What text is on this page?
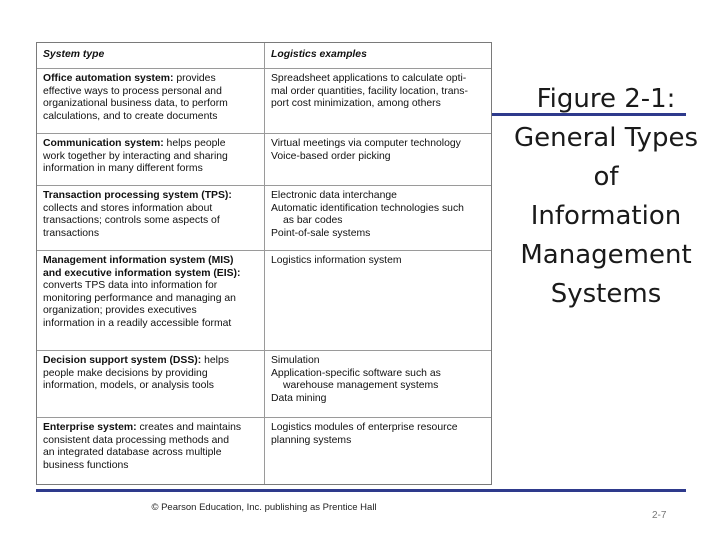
System type	Logistics examples
Office automation system: provides
effective ways to process personal and
organizational business data, to perform
calculations, and to create documents
Spreadsheet applications to calculate opti-
mal order quantities, facility location, trans-
port cost minimization, among others
Communication system: helps people
work together by interacting and sharing
information in many different forms
Virtual meetings via computer technology
Voice-based order picking
Transaction processing system (TPS):
collects and stores information about
transactions; controls some aspects of
transactions
Electronic data interchange
Automatic identification technologies such
as bar codes
Point-of-sale systems
Management information system (MIS)
and executive information system (EIS):
converts TPS data into information for
monitoring performance and managing an
organization; provides executives
information in a readily accessible format
Logistics information system
Decision support system (DSS): helps
people make decisions by providing
information, models, or analysis tools
Simulation
Application-specific software such as
warehouse management systems
Data mining
Enterprise system: creates and maintains
consistent data processing methods and
an integrated database across multiple
business functions
Logistics modules of enterprise resource
planning systems
Figure 2-1:
General Types
of
Information
Management
Systems
© Pearson Education, Inc. publishing as Prentice Hall
2-7
